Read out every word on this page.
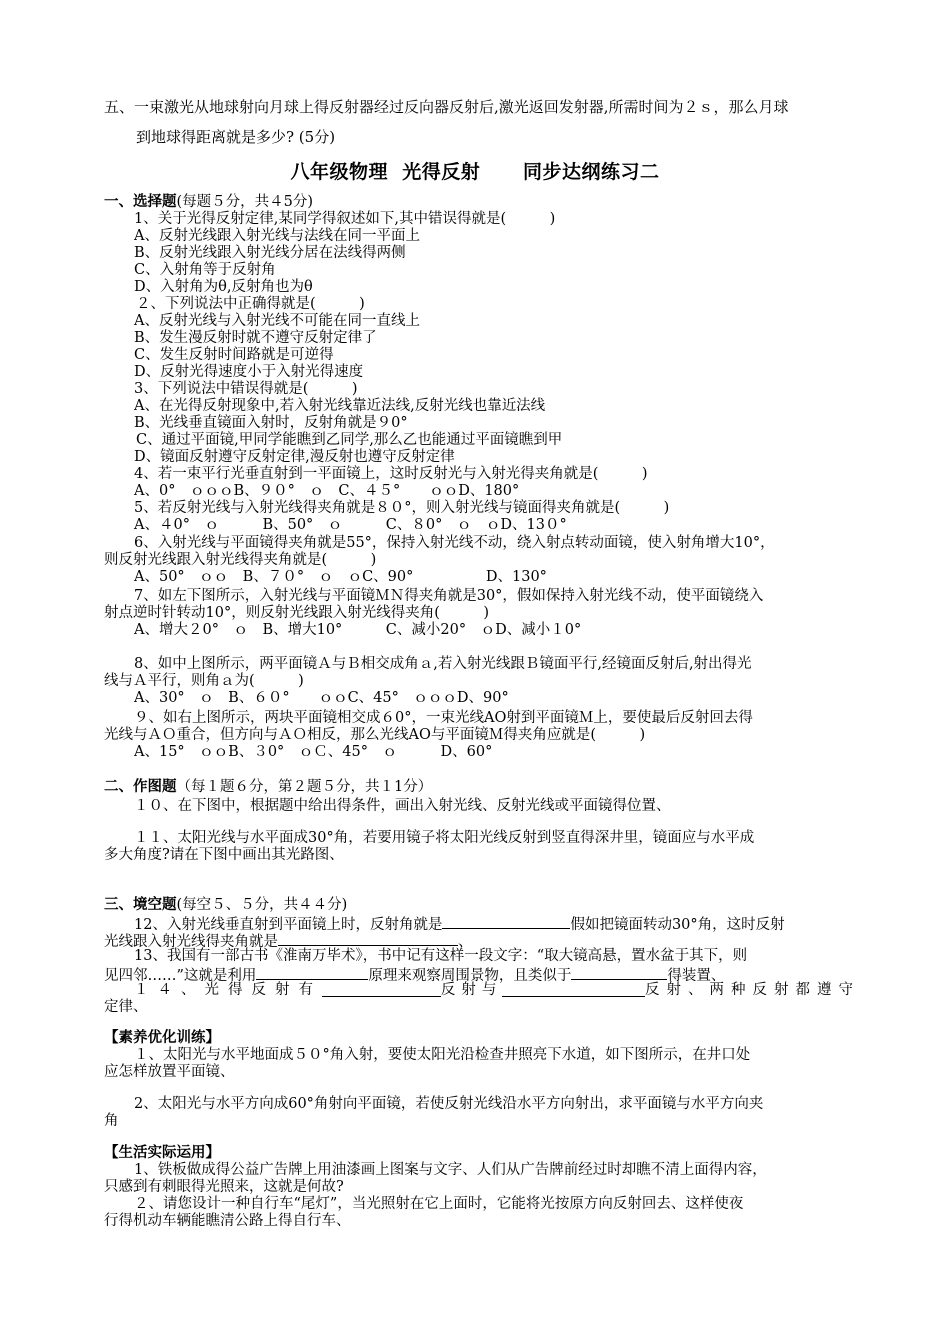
五、一束激光从地球射向月球上得反射器经过反向器反射后,激光返回发射器,所需时间为２ｓ，那么月球
到地球得距离就是多少? (5分)
八年级物理  光得反射      同步达纲练习二
一、选择题(每题５分，共４5分)
1、关于光得反射定律,某同学得叙述如下,其中错误得就是(　　　)
A、反射光线跟入射光线与法线在同一平面上
B、反射光线跟入射光线分居在法线得两侧
C、入射角等于反射角
D、入射角为θ,反射角也为θ
２、下列说法中正确得就是(　　　)
A、反射光线与入射光线不可能在同一直线上
B、发生漫反射时就不遵守反射定律了
C、发生反射时间路就是可逆得
D、反射光得速度小于入射光得速度
3、下列说法中错误得就是(　　　)
A、在光得反射现象中,若入射光线靠近法线,反射光线也靠近法线
B、光线垂直镜面入射时，反射角就是９0°
C、通过平面镜,甲同学能瞧到乙同学,那么乙也能通过平面镜瞧到甲
D、镜面反射遵守反射定律,漫反射也遵守反射定律
4、若一束平行光垂直射到一平面镜上，这时反射光与入射光得夹角就是(　　　)
A、0°　ｏｏｏB、９０°　ｏ　C、４５°　　ｏｏD、180°
5、若反射光线与入射光线得夹角就是８０°，则入射光线与镜面得夹角就是(　　　)
A、４0°　ｏ　　　B、50°　ｏ　　　C、８0°　ｏ　ｏD、13０°
6、入射光线与平面镜得夹角就是55°，保持入射光线不动，绕入射点转动面镜，使入射角增大10°，
则反射光线跟入射光线得夹角就是(　　　)
A、50°　ｏｏ　B、７０°　ｏ　ｏC、90°　　　　　D、130°
7、如左下图所示，入射光线与平面镜ＭＮ得夹角就是30°，假如保持入射光线不动，使平面镜绕入
射点逆时针转动10°，则反射光线跟入射光线得夹角(　　　)
A、增大２0°　ｏ　B、增大10°　　　C、减小20°　ｏD、减小１0°
8、如中上图所示，两平面镜Ａ与Ｂ相交成角ａ,若入射光线跟Ｂ镜面平行,经镜面反射后,射出得光
线与Ａ平行，则角ａ为(　　　)
A、30°　ｏ　B、６０°　　ｏｏC、45°　ｏｏｏD、90°
９、如右上图所示，两块平面镜相交成６0°，一束光线AO射到平面镜Ｍ上，要使最后反射回去得
光线与ＡＯ重合，但方向与ＡＯ相反，那么光线AO与平面镜Ｍ得夹角应就是(　　　)
A、15°　ｏｏB、３0°　ｏＣ、45°　ｏ　　　D、60°
二、作图题（每１题６分，第２题５分，共１1分）
１０、在下图中，根据题中给出得条件，画出入射光线、反射光线或平面镜得位置、
１１、太阳光线与水平面成30°角，若要用镜子将太阳光线反射到竖直得深井里，镜面应与水平成
多大角度?请在下图中画出其光路图、
三、境空题(每空５、５分，共４４分)
12、入射光线垂直射到平面镜上时，反射角就是	假如把镜面转动30°角，这时反射
光线跟入射光线得夹角就是	、
13、我国有一部古书《淮南万毕术》，书中记有这样一段文字：“取大镜高悬，置水盆于其下，则
见四邻……”这就是利用	原理来观察周围景物，且类似于	得装置、
１４、光得反射有	反射与	反射、两种反射都遵守
定律、
【素养优化训练】
１、太阳光与水平地面成５０°角入射，要使太阳光沿检查井照亮下水道，如下图所示，在井口处
应怎样放置平面镜、
2、太阳光与水平方向成60°角射向平面镜，若使反射光线沿水平方向射出，求平面镜与水平方向夹
角
【生活实际运用】
1、铁板做成得公益广告牌上用油漆画上图案与文字、人们从广告牌前经过时却瞧不清上面得内容，
只感到有刺眼得光照来，这就是何故?
２、请您设计一种自行车“尾灯”，当光照射在它上面时，它能将光按原方向反射回去、这样使夜
行得机动车辆能瞧清公路上得自行车、
